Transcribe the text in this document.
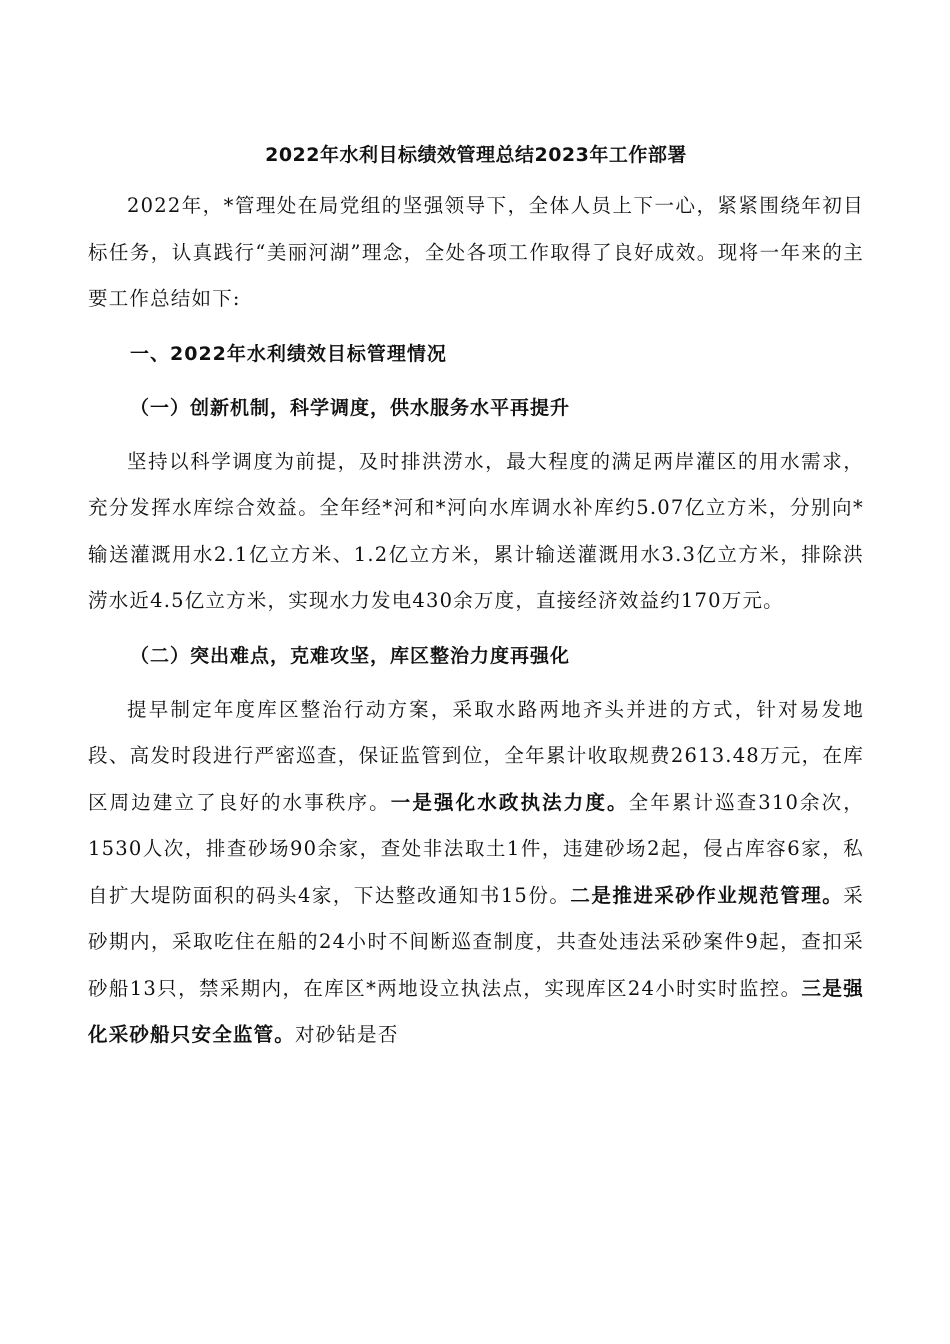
2022年水利目标绩效管理总结2023年工作部署

2022年，*管理处在局党组的坚强领导下，全体人员上下一心，紧紧围绕年初目标任务，认真践行“美丽河湖”理念，全处各项工作取得了良好成效。现将一年来的主要工作总结如下:

一、2022年水利绩效目标管理情况
（一）创新机制，科学调度，供水服务水平再提升

坚持以科学调度为前提，及时排洪涝水，最大程度的满足两岸灌区的用水需求，充分发挥水库综合效益。全年经*河和*河向水库调水补库约5.07亿立方米，分别向*输送灌溉用水2.1亿立方米、1.2亿立方米，累计输送灌溉用水3.3亿立方米，排除洪涝水近4.5亿立方米，实现水力发电430余万度，直接经济效益约170万元。

（二）突出难点，克难攻坚，库区整治力度再强化

提早制定年度库区整治行动方案，采取水路两地齐头并进的方式，针对易发地段、高发时段进行严密巡查，保证监管到位，全年累计收取规费2613.48万元，在库区周边建立了良好的水事秩序。一是强化水政执法力度。全年累计巡查310余次，1530人次，排查砂场90余家，查处非法取土1件，违建砂场2起，侵占库容6家，私自扩大堤防面积的码头4家，下达整改通知书15份。二是推进采砂作业规范管理。采砂期内，采取吃住在船的24小时不间断巡查制度，共查处违法采砂案件9起，查扣采砂船13只，禁采期内，在库区*两地设立执法点，实现库区24小时实时监控。三是强化采砂船只安全监管。对砂钻是否
